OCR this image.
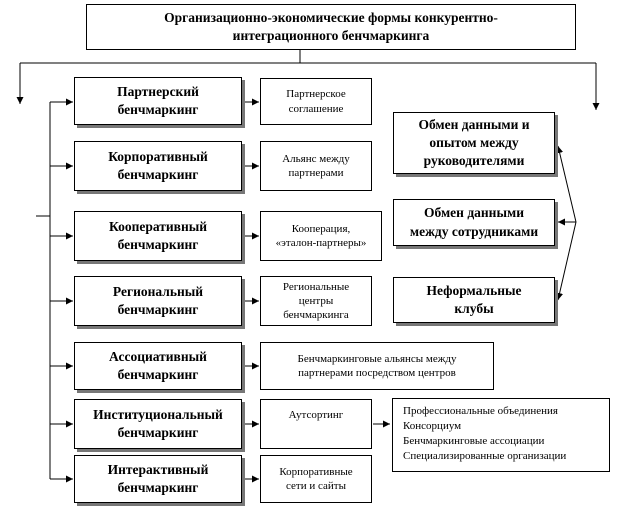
Организационно-экономические формы конкурентно-
интеграционного бенчмаркинга
Партнерский
бенчмаркинг
Корпоративный
бенчмаркинг
Кооперативный
бенчмаркинг
Региональный
бенчмаркинг
Ассоциативный
бенчмаркинг
Институциональный
бенчмаркинг
Интерактивный
бенчмаркинг
Партнерское
соглашение
Альянс между
партнерами
Кооперация,
«эталон-партнеры»
Региональные
центры
бенчмаркинга
Бенчмаркинговые альянсы между
партнерами посредством центров
Аутсортинг
Корпоративные
сети и сайты
Обмен данными и
опытом между
руководителями
Обмен данными
между сотрудниками
Неформальные
клубы
Профессиональные объединения
Консорциум
Бенчмаркинговые ассоциации
Специализированные организации
